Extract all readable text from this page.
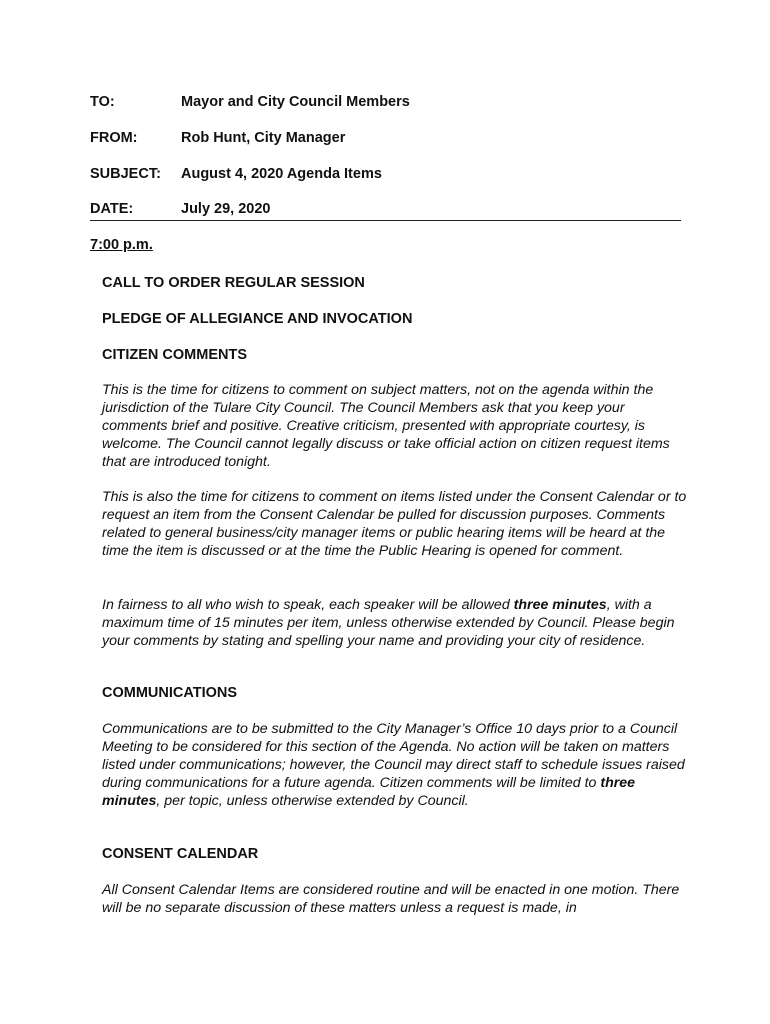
TO:	Mayor and City Council Members
FROM:	Rob Hunt, City Manager
SUBJECT: August 4, 2020 Agenda Items
DATE:	July 29, 2020
7:00 p.m.
CALL TO ORDER REGULAR SESSION
PLEDGE OF ALLEGIANCE AND INVOCATION
CITIZEN COMMENTS
This is the time for citizens to comment on subject matters, not on the agenda within the jurisdiction of the Tulare City Council. The Council Members ask that you keep your comments brief and positive. Creative criticism, presented with appropriate courtesy, is welcome. The Council cannot legally discuss or take official action on citizen request items that are introduced tonight.
This is also the time for citizens to comment on items listed under the Consent Calendar or to request an item from the Consent Calendar be pulled for discussion purposes. Comments related to general business/city manager items or public hearing items will be heard at the time the item is discussed or at the time the Public Hearing is opened for comment.
In fairness to all who wish to speak, each speaker will be allowed three minutes, with a maximum time of 15 minutes per item, unless otherwise extended by Council. Please begin your comments by stating and spelling your name and providing your city of residence.
COMMUNICATIONS
Communications are to be submitted to the City Manager’s Office 10 days prior to a Council Meeting to be considered for this section of the Agenda. No action will be taken on matters listed under communications; however, the Council may direct staff to schedule issues raised during communications for a future agenda. Citizen comments will be limited to three minutes, per topic, unless otherwise extended by Council.
CONSENT CALENDAR
All Consent Calendar Items are considered routine and will be enacted in one motion. There will be no separate discussion of these matters unless a request is made, in
